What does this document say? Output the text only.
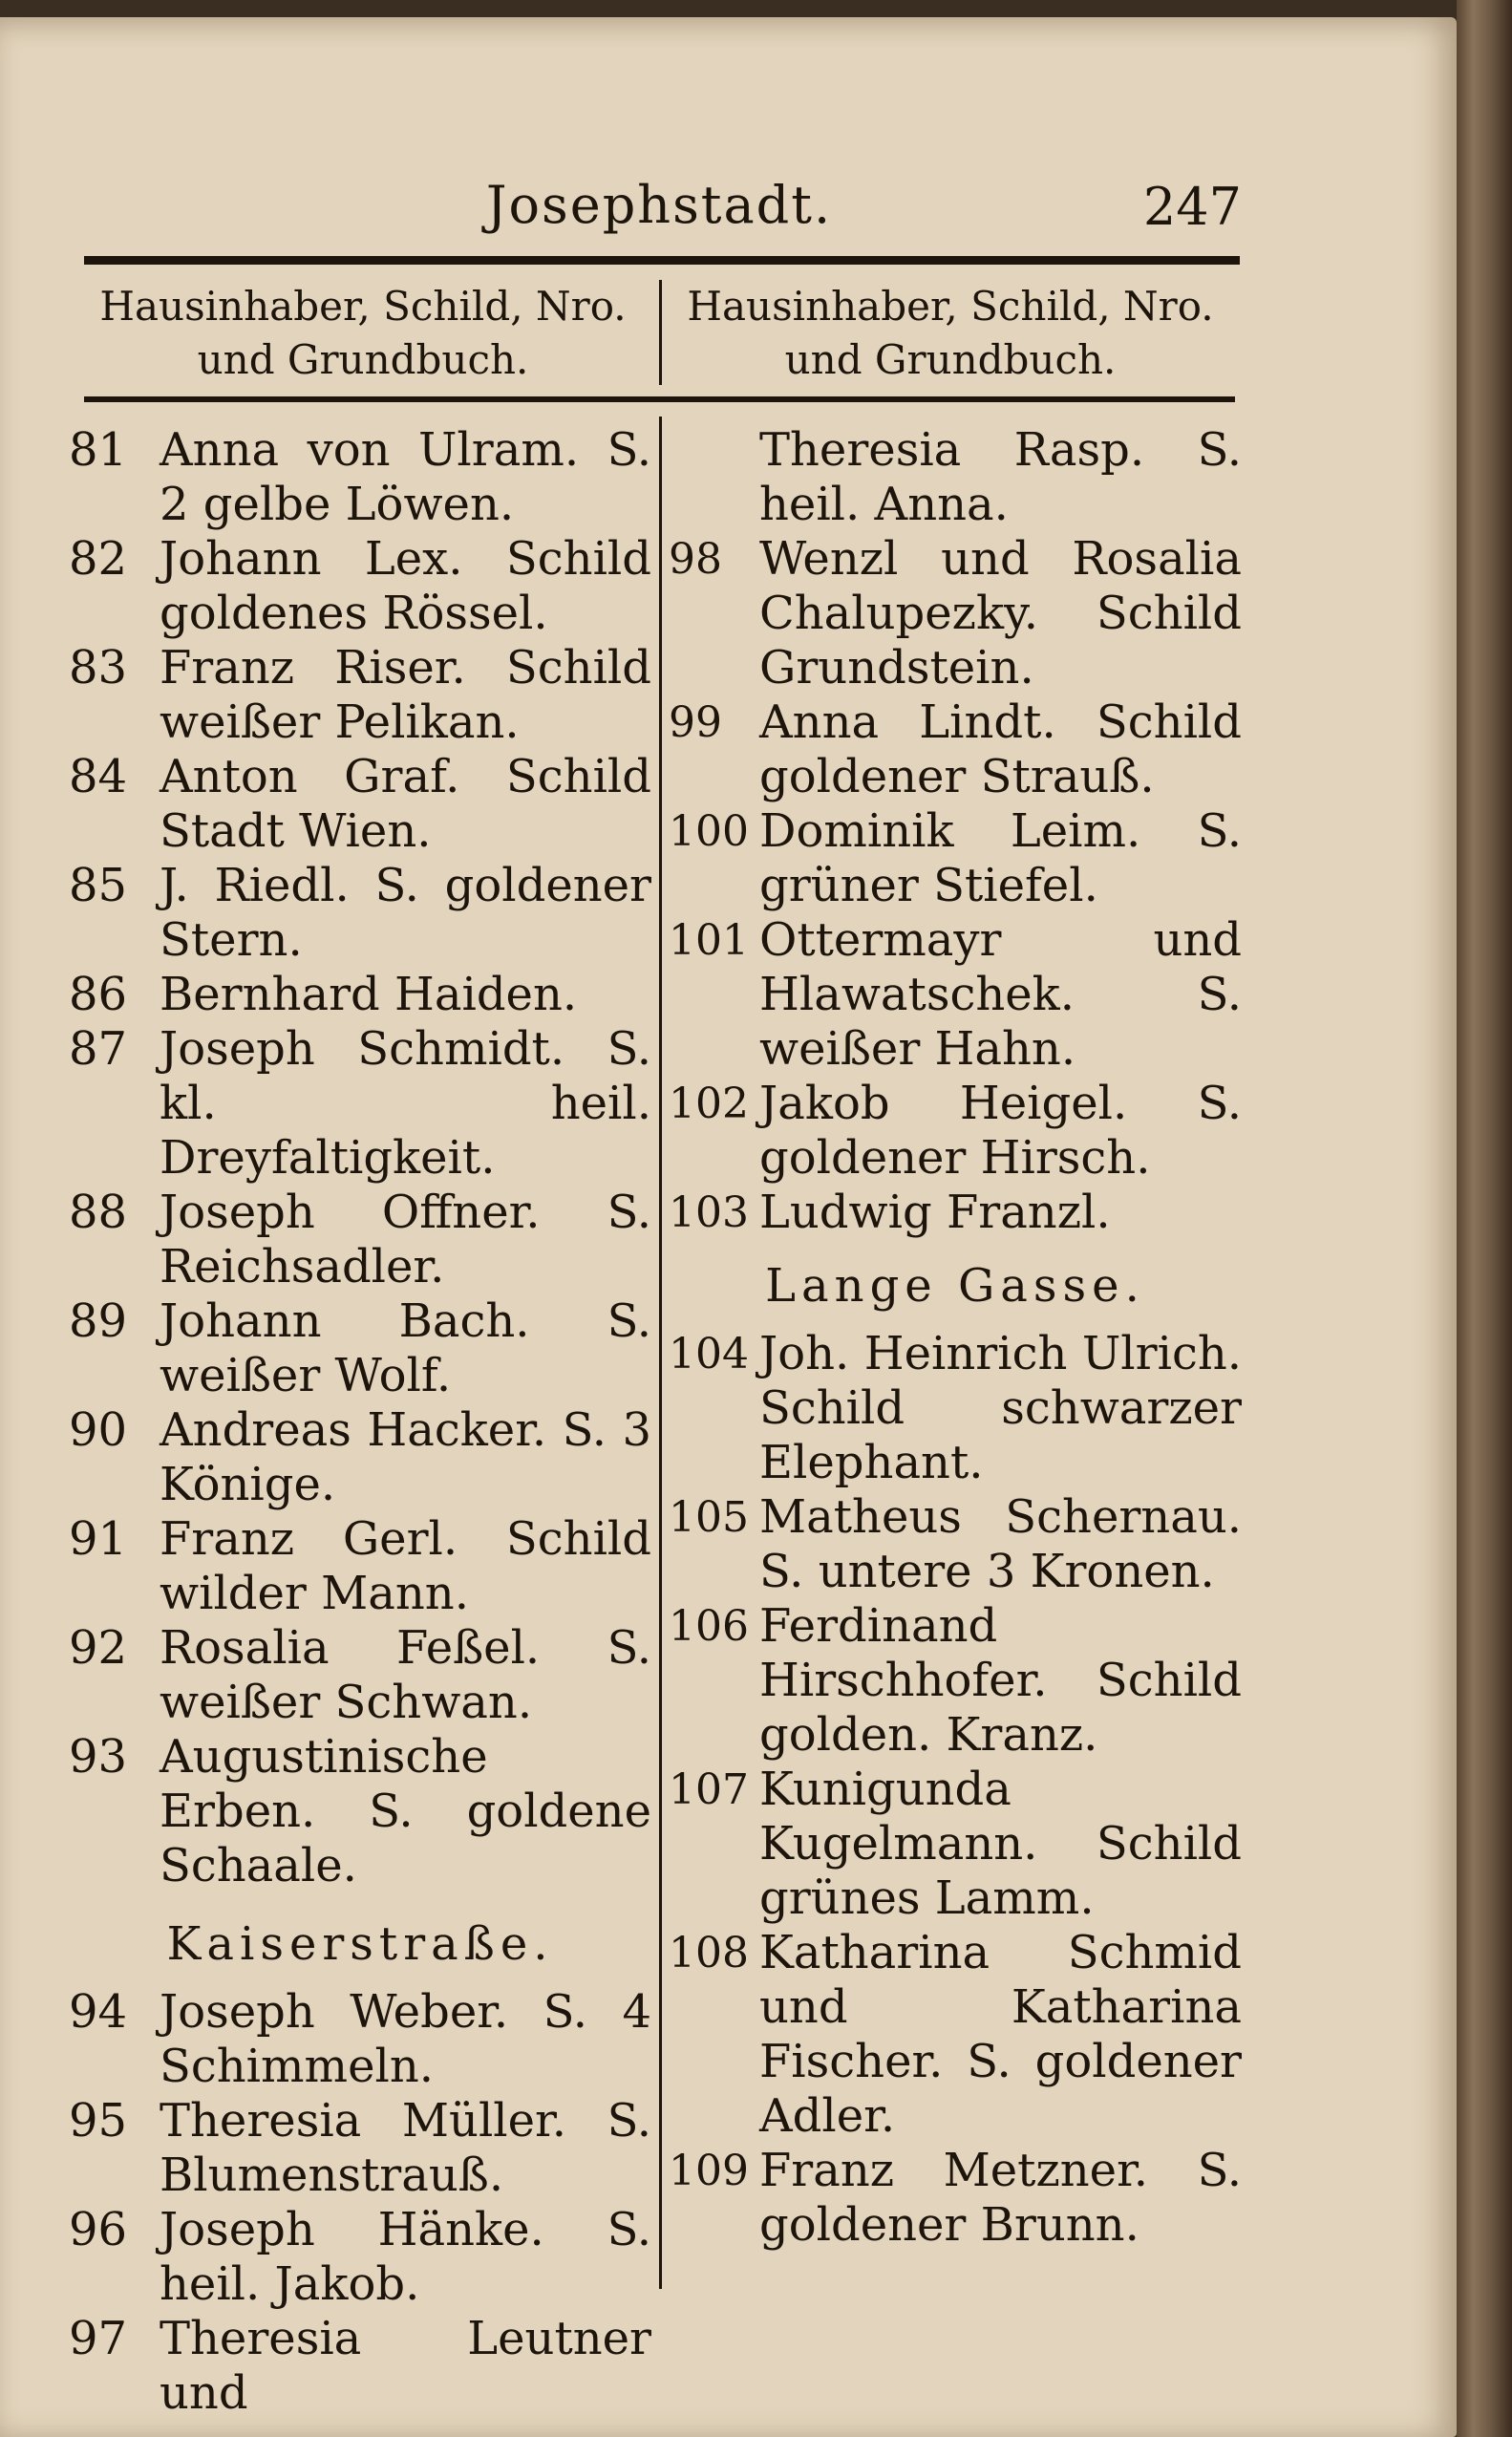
Josephstadt.	247
Hausinhaber, Schild, Nro.
und Grundbuch.
Hausinhaber, Schild, Nro.
und Grundbuch.
81 Anna von Ulram. S. 2 gelbe Löwen.
82 Johann Lex. Schild goldenes Rössel.
83 Franz Riser. Schild weißer Pelikan.
84 Anton Graf. Schild Stadt Wien.
85 J. Riedl. S. goldener Stern.
86 Bernhard Haiden.
87 Joseph Schmidt. S. kl. heil. Dreyfaltigkeit.
88 Joseph Offner. S. Reichsadler.
89 Johann Bach. S. weißer Wolf.
90 Andreas Hacker. S. 3 Könige.
91 Franz Gerl. Schild wilder Mann.
92 Rosalia Feßel. S. weißer Schwan.
93 Augustinische Erben. S. goldene Schaale.
Kaiserstraße.
94 Joseph Weber. S. 4 Schimmeln.
95 Theresia Müller. S. Blumenstrauß.
96 Joseph Hänke. S. heil. Jakob.
97 Theresia Leutner und
Theresia Rasp. S. heil. Anna.
98 Wenzl und Rosalia Chalupezky. Schild Grundstein.
99 Anna Lindt. Schild goldener Strauß.
100 Dominik Leim. S. grüner Stiefel.
101 Ottermayr und Hlawatschek. S. weißer Hahn.
102 Jakob Heigel. S. goldener Hirsch.
103 Ludwig Franzl.
Lange Gasse.
104 Joh. Heinrich Ulrich. Schild schwarzer Elephant.
105 Matheus Schernau. S. untere 3 Kronen.
106 Ferdinand Hirschhofer. Schild golden. Kranz.
107 Kunigunda Kugelmann. Schild grünes Lamm.
108 Katharina Schmid und Katharina Fischer. S. goldener Adler.
109 Franz Metzner. S. goldener Brunn.
